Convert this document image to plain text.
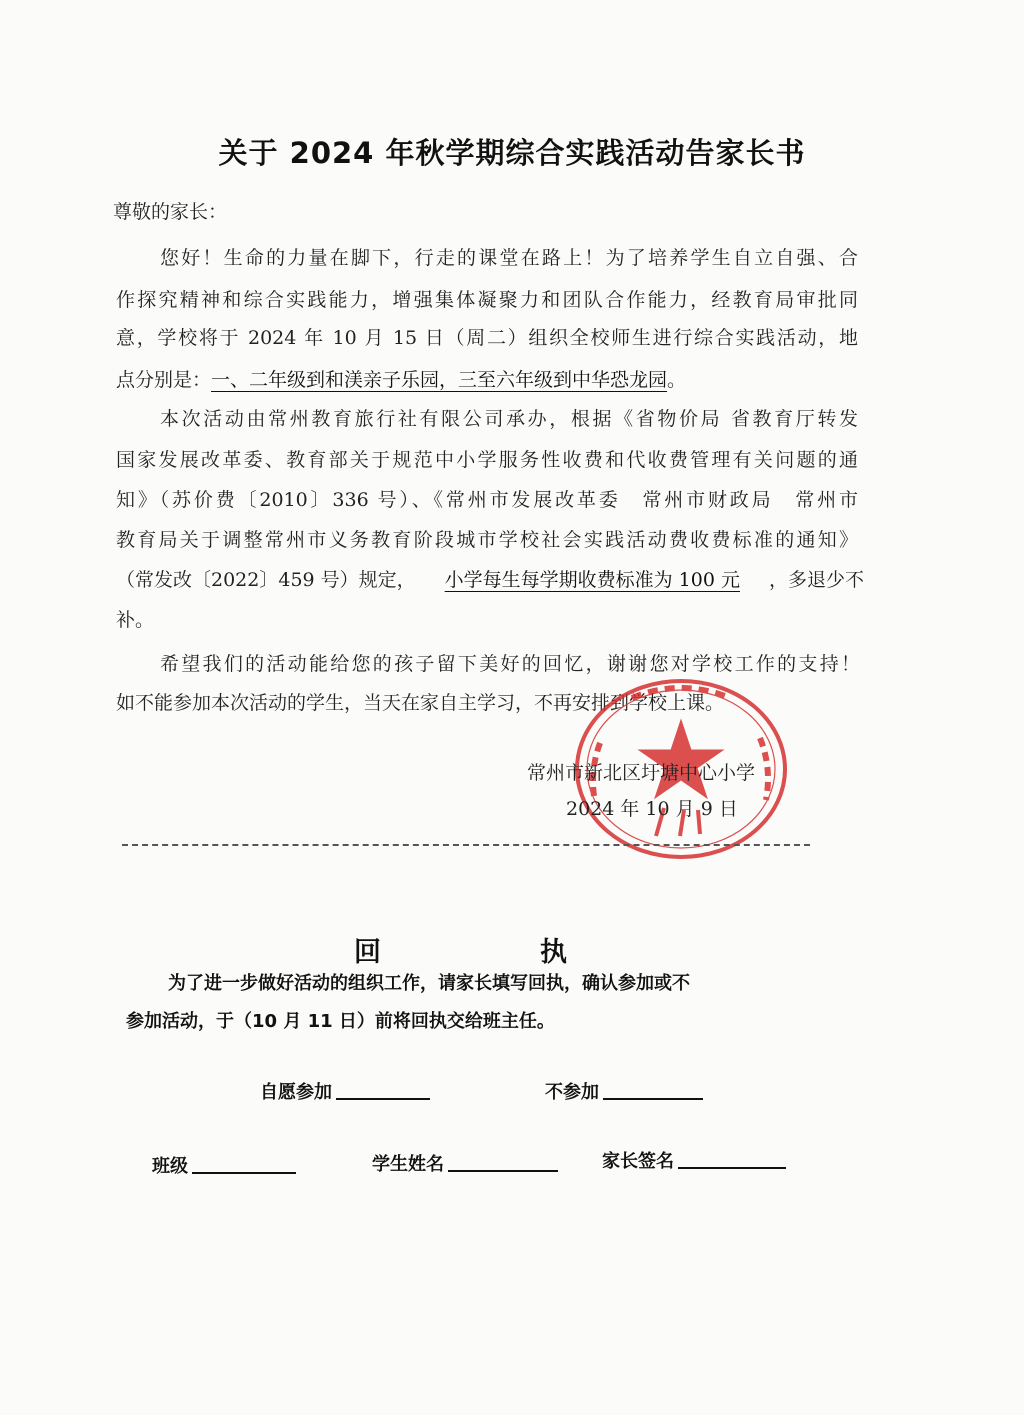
关于 2024 年秋学期综合实践活动告家长书
尊敬的家长：
您好！生命的力量在脚下，行走的课堂在路上！为了培养学生自立自强、合
作探究精神和综合实践能力，增强集体凝聚力和团队合作能力，经教育局审批同
意，学校将于 2024 年 10 月 15 日（周二）组织全校师生进行综合实践活动，地
点分别是：一、二年级到和渼亲子乐园，三至六年级到中华恐龙园。
本次活动由常州教育旅行社有限公司承办，根据《省物价局 省教育厅转发
国家发展改革委、教育部关于规范中小学服务性收费和代收费管理有关问题的通
知》（苏价费〔2010〕336 号）、《常州市发展改革委　常州市财政局　常州市
教育局关于调整常州市义务教育阶段城市学校社会实践活动费收费标准的通知》
（常发改〔2022〕459 号）规定， 小学每生每学期收费标准为 100 元 ，多退少不
补。
希望我们的活动能给您的孩子留下美好的回忆，谢谢您对学校工作的支持！
如不能参加本次活动的学生，当天在家自主学习，不再安排到学校上课。
常州市新北区圩塘中心小学
2024 年 10 月 9 日
回	执
为了进一步做好活动的组织工作，请家长填写回执，确认参加或不
参加活动，于（10 月 11 日）前将回执交给班主任。
自愿参加	不参加
班级	学生姓名	家长签名
